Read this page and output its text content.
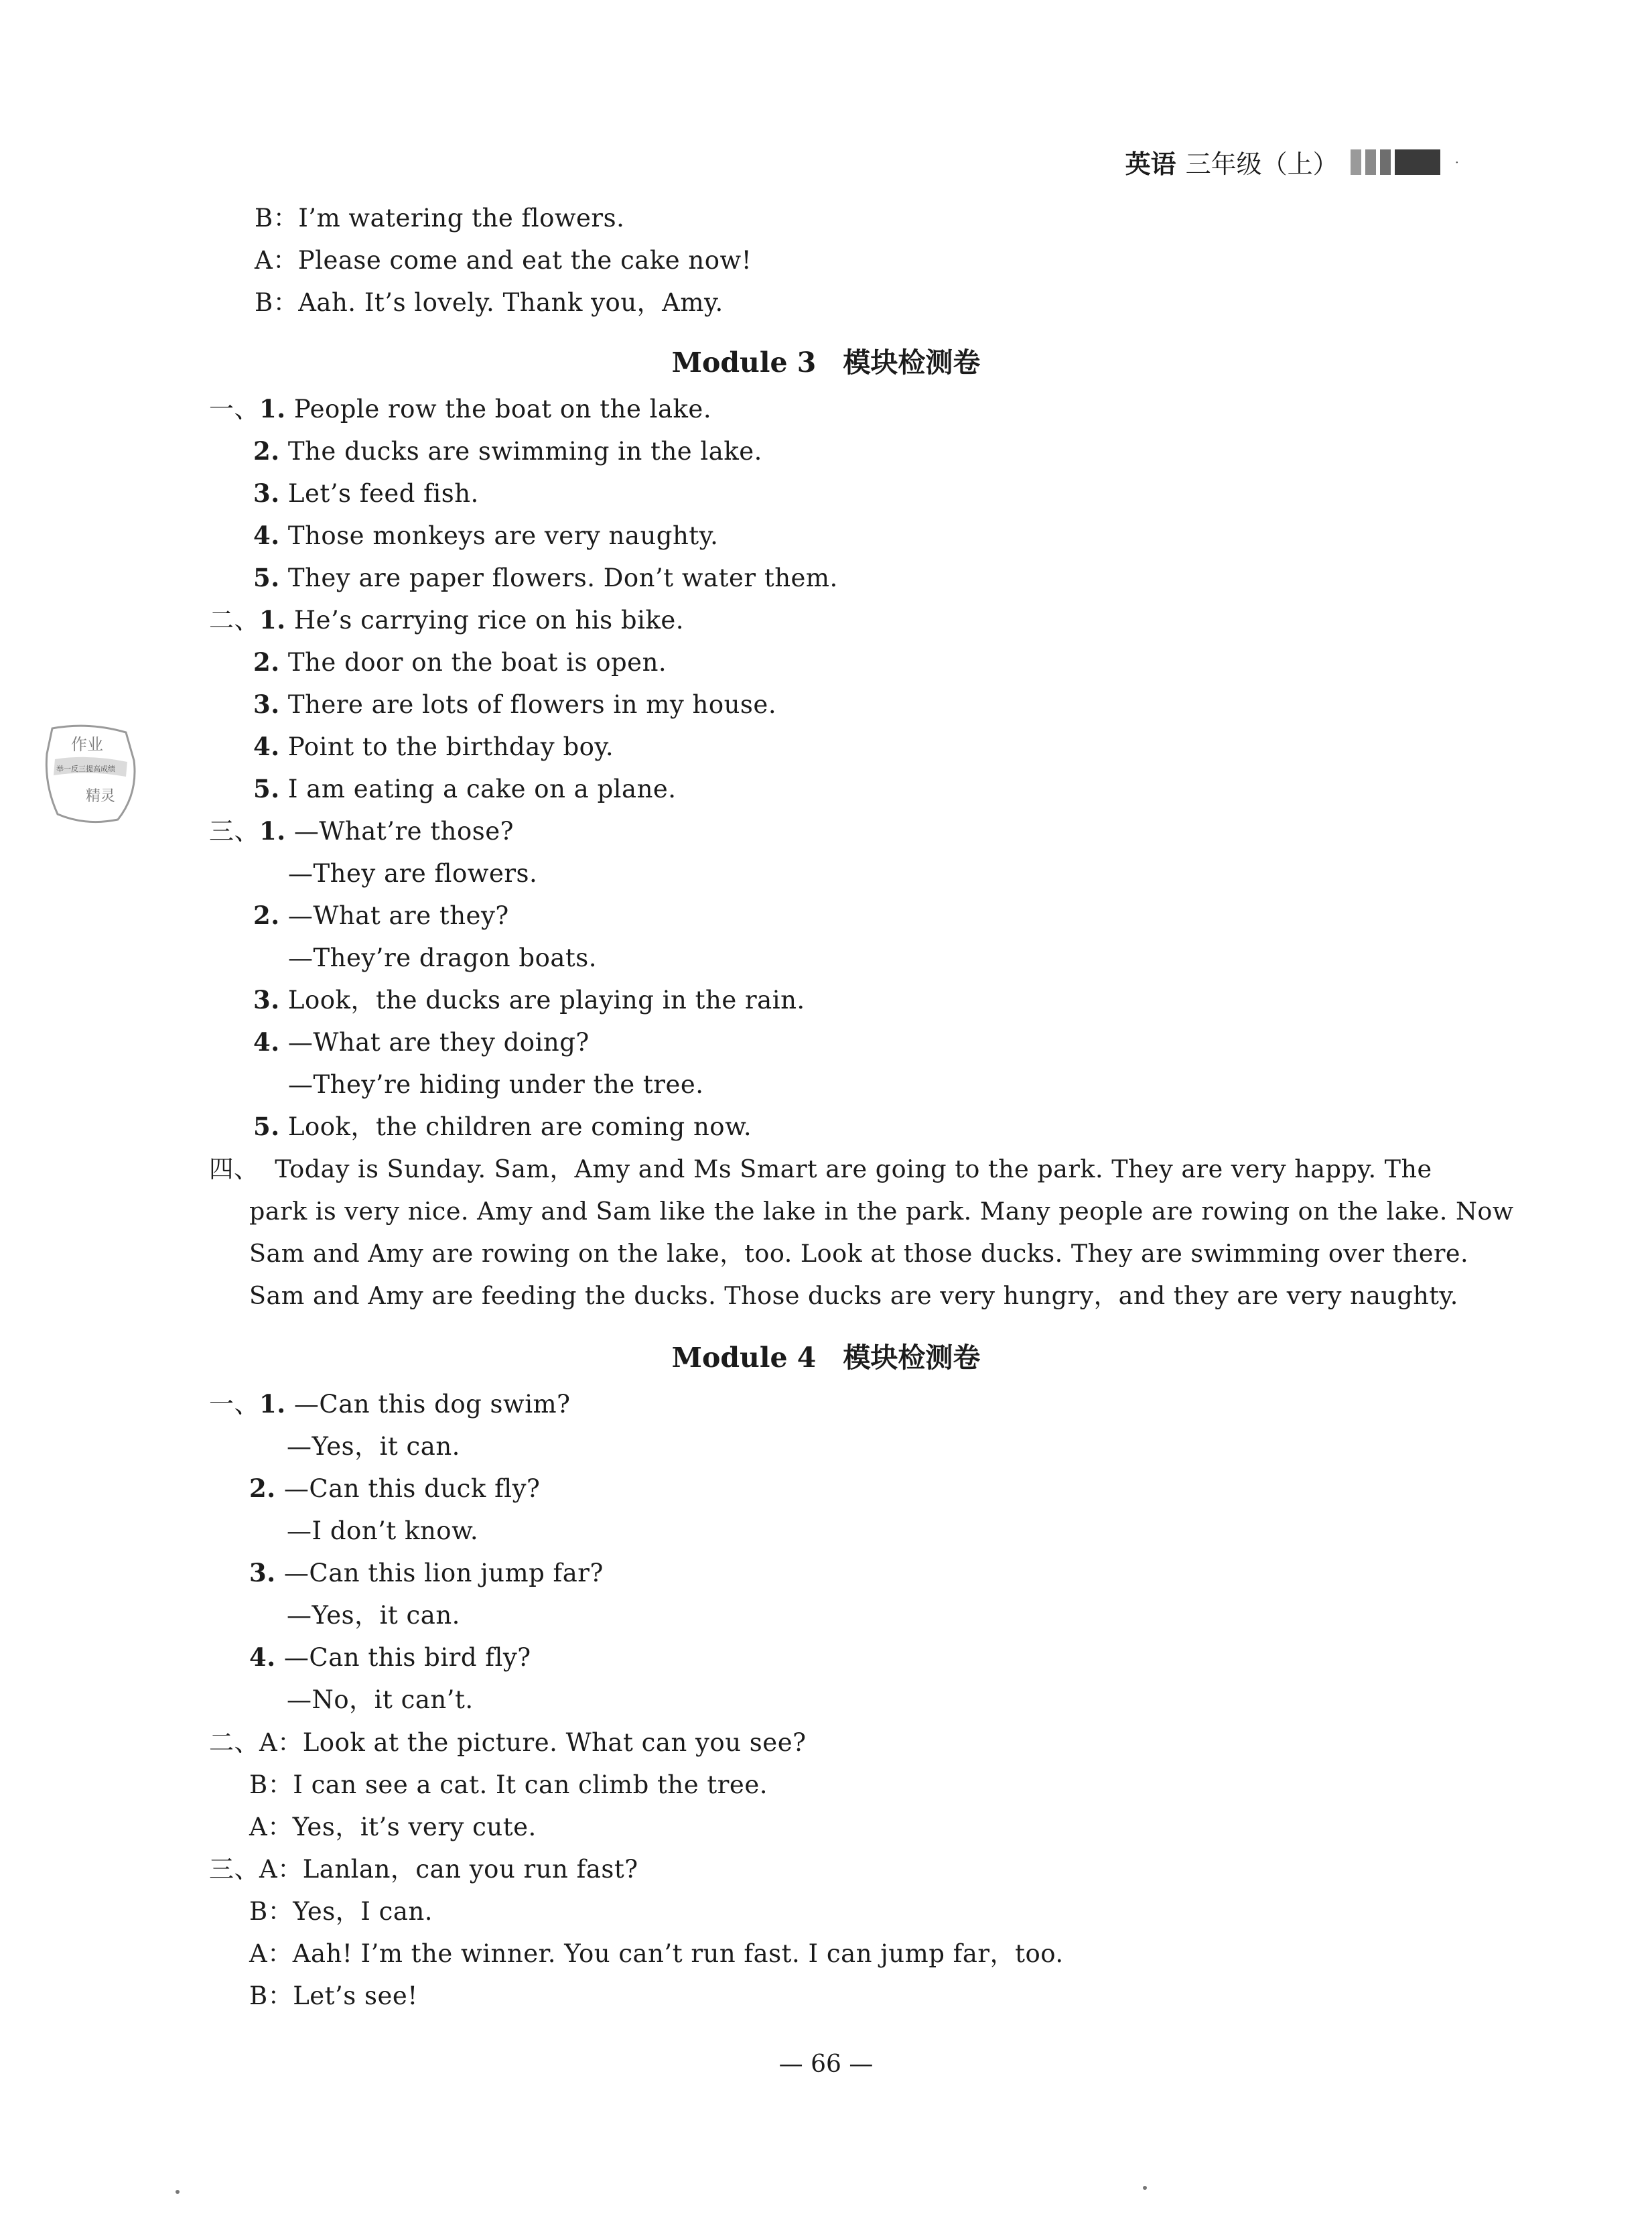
英语 三年级（上）	·
B：I’m watering the flowers.
A：Please come and eat the cake now!
B：Aah. It’s lovely. Thank you，Amy.
Module 3 模块检测卷
一、1. People row the boat on the lake.
2. The ducks are swimming in the lake.
3. Let’s feed fish.
4. Those monkeys are very naughty.
5. They are paper flowers. Don’t water them.
二、1. He’s carrying rice on his bike.
2. The door on the boat is open.
3. There are lots of flowers in my house.
4. Point to the birthday boy.
5. I am eating a cake on a plane.
三、1. —What’re those?
—They are flowers.
2. —What are they?
—They’re dragon boats.
3. Look，the ducks are playing in the rain.
4. —What are they doing?
—They’re hiding under the tree.
5. Look，the children are coming now.
四、 Today is Sunday. Sam，Amy and Ms Smart are going to the park. They are very happy. The
park is very nice. Amy and Sam like the lake in the park. Many people are rowing on the lake. Now
Sam and Amy are rowing on the lake，too. Look at those ducks. They are swimming over there.
Sam and Amy are feeding the ducks. Those ducks are very hungry，and they are very naughty.
Module 4 模块检测卷
一、1. —Can this dog swim?
—Yes，it can.
2. —Can this duck fly?
—I don’t know.
3. —Can this lion jump far?
—Yes，it can.
4. —Can this bird fly?
—No，it can’t.
二、A：Look at the picture. What can you see?
B：I can see a cat. It can climb the tree.
A：Yes，it’s very cute.
三、A：Lanlan，can you run fast?
B：Yes，I can.
A：Aah! I’m the winner. You can’t run fast. I can jump far，too.
B：Let’s see!
作业
举一反三提高成绩
精灵
— 66 —
